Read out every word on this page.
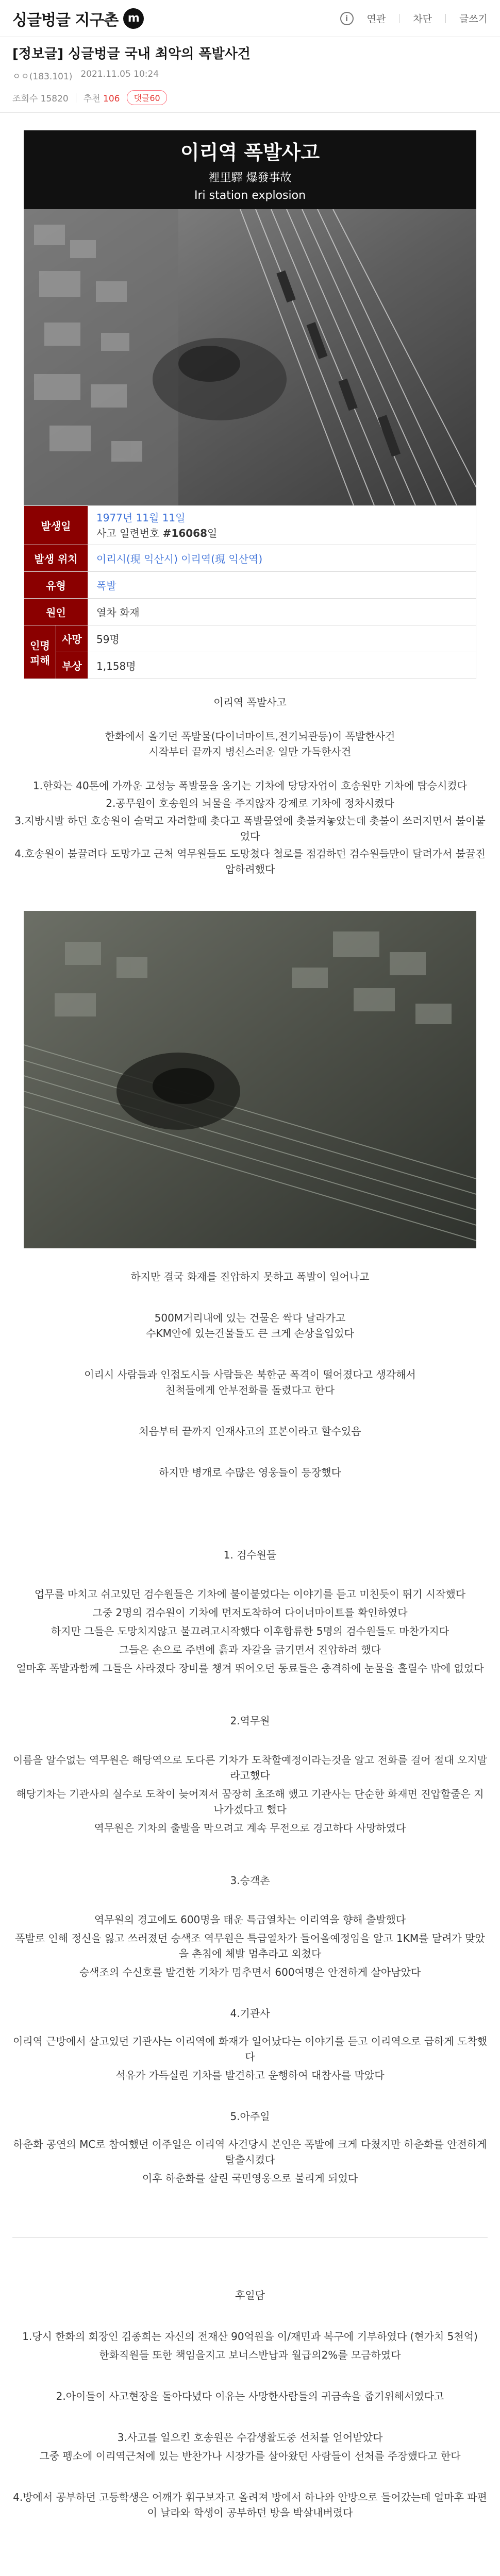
싱글벙글 지구촌 m	i	연관	차단	글쓰기
[정보글] 싱글벙글 국내 최악의 폭발사건
ㅇㅇ(183.101) 2021.11.05 10:24
조회수 15820 추천 106	댓글60
이리역 폭발사고
裡里驛 爆發事故
Iri station explosion
발생일		1977년 11월 11일
사고 일련번호 #16068일

발생 위치		이리시(現 익산시) 이리역(現 익산역)
유형		폭발
원인		열차 화재
인명 피해	사망	59명
	부상	1,158명

이리역 폭발사고

한화에서 올기던 폭발물(다이너마이트,전기뇌관등)이 폭발한사건

시작부터 끝까지 병신스러운 일만 가득한사건

1.한화는 40톤에 가까운 고성능 폭발물을 올기는 기차에 당당자업이 호송원만 기차에 탑승시켰다

2.공무원이 호송원의 뇌물을 주지않자 강제로 기차에 정차시켰다

3.지방시발 하던 호송원이 술먹고 자려할때 촛다고 폭발물옆에 촛불켜놓았는데 촛불이 쓰러지면서 불이붙었다

4.호송원이 불끌려다 도망가고 근처 역무원들도 도망쳤다 철로를 점검하던 검수원들만이 달려가서 불끌진압하려했다

하지만 결국 화재를 진압하지 못하고 폭발이 일어나고

500M거리내에 있는 건물은 싹다 날라가고

수KM안에 있는건물들도 큰 크게 손상을입었다

이리시 사람들과 인접도시들 사람들은 북한군 폭격이 떨어졌다고 생각해서

친척들에게 안부전화를 돌렸다고 한다

처음부터 끝까지 인재사고의 표본이라고 할수있음

하지만 병개로 수많은 영웅들이 등장했다

1. 검수원들

업무를 마치고 쉬고있던 검수원들은 기차에 불이붙었다는 이야기를 듣고 미친듯이 뛰기 시작했다

그중 2명의 검수원이 기차에 먼저도착하여 다이너마이트를 확인하였다

하지만 그들은 도망치지않고 불끄려고시작했다 이후합류한 5명의 검수원들도 마찬가지다

그들은 손으로 주변에 흙과 자갈을 긁기면서 진압하려 했다

얼마후 폭발과함께 그들은 사라졌다 장비를 챙겨 뛰어오던 동료들은 충격하에 눈물을 흘릴수 밖에 없었다

2.역무원

이름을 알수없는 역무원은 해당역으로 도다른 기차가 도착할예정이라는것을 알고 전화를 걸어 절대 오지말라고했다

해당기차는 기관사의 실수로 도착이 늦어져서 꿈장히 초조해 했고 기관사는 단순한 화재면 진압할줄은 지나가겠다고 했다

역무원은 기차의 출발을 막으려고 계속 무전으로 경고하다 사망하였다

3.승객촌

역무원의 경고에도 600명을 태운 특급열차는 이리역을 향해 출발했다

폭발로 인해 정신을 잃고 쓰러졌던 승색조 역무원은 특급열차가 들어올예정임을 알고 1KM를 달려가 맞았을 촌침에 체발 멈추라고 외쳤다

승색조의 수신호를 발견한 기차가 멈추면서 600여명은 안전하게 살아남았다

4.기관사

이리역 근방에서 살고있던 기관사는 이리역에 화재가 일어났다는 이야기를 듣고 이리역으로 급하게 도착했다

석유가 가득실린 기차를 발견하고 운행하여 대참사를 막았다

5.아주일

하춘화 공연의 MC로 참여했던 이주일은 이리역 사건당시 본인은 폭발에 크게 다쳤지만 하춘화를 안전하게 탈출시켰다

이후 하춘화를 살린 국민영웅으로 불리게 되었다

후일담

1.당시 한화의 회장인 김종희는 자신의 전재산 90억원을 이/재민과 복구에 기부하였다 (현가치 5천억)

한화직원들 또한 책임을지고 보너스반납과 월급의2%를 모금하였다

2.아이들이 사고현장을 돌아다녔다 이유는 사망한사람들의 귀금속을 줍기위해서였다고

3.사고를 일으킨 호송원은 수감생활도중 선처를 얻어받았다

그중 펭소에 이리역근처에 있는 반찬가나 시장가를 살아왔던 사람들이 선처를 주장했다고 한다

4.방에서 공부하던 고등학생은 어깨가 휘구보자고 올려져 방에서 하나와 안방으로 들어갔는데 얼마후 파편이 날라와 학생이 공부하던 방을 박살내버렸다
